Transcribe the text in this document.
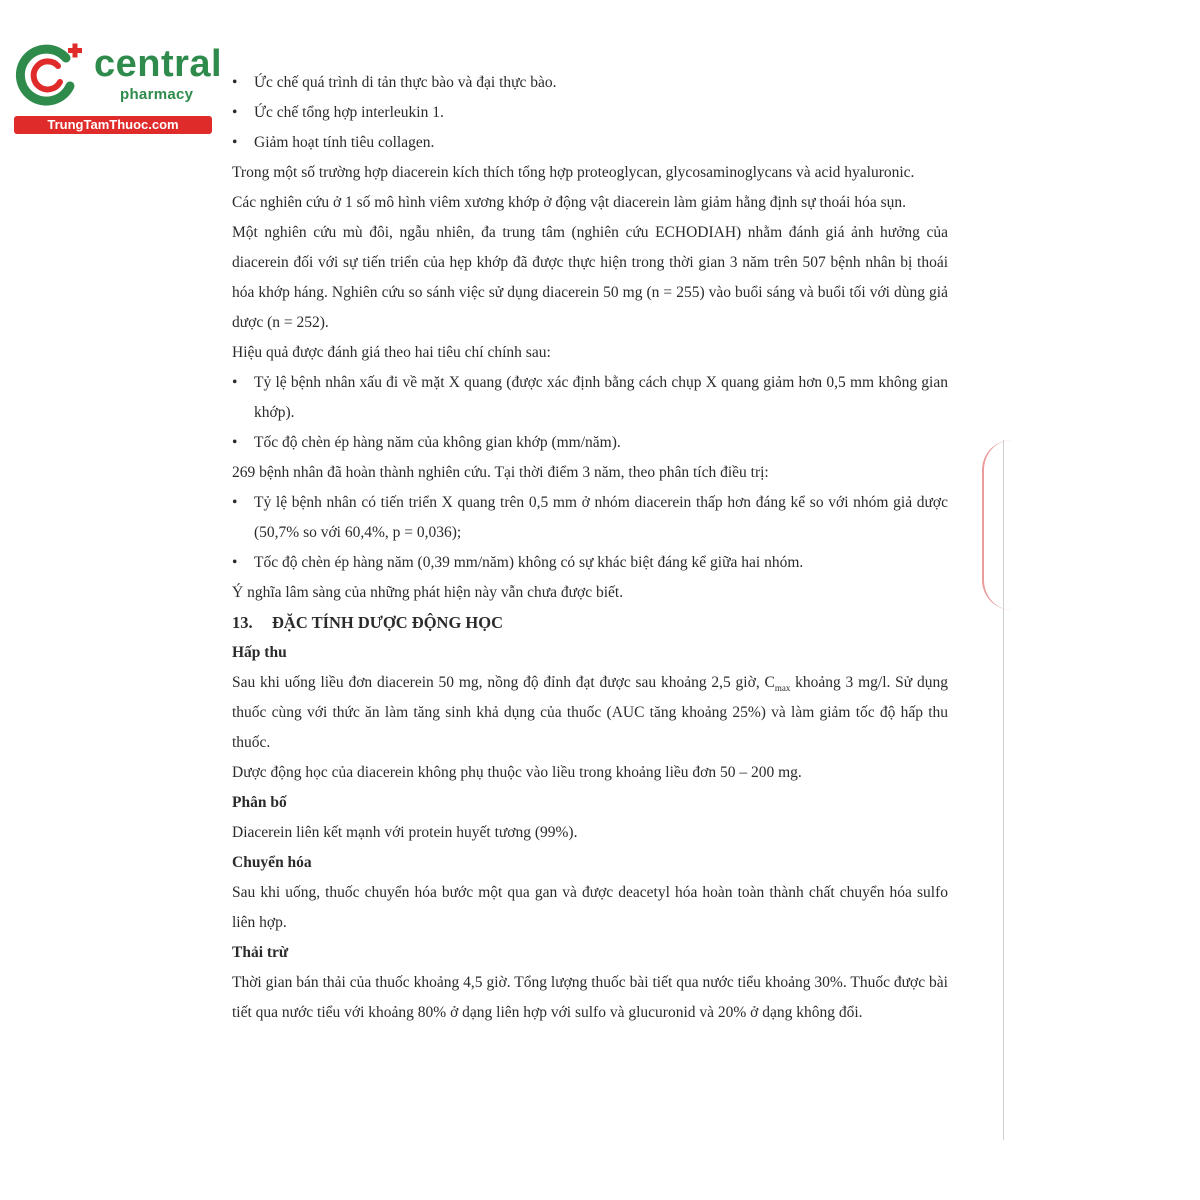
central
pharmacy
TrungTamThuoc.com

• Ức chế quá trình di tản thực bào và đại thực bào.

• Ức chế tổng hợp interleukin 1.

• Giảm hoạt tính tiêu collagen.

Trong một số trường hợp diacerein kích thích tổng hợp proteoglycan, glycosaminoglycans và acid hyaluronic.

Các nghiên cứu ở 1 số mô hình viêm xương khớp ở động vật diacerein làm giảm hằng định sự thoái hóa sụn.

Một nghiên cứu mù đôi, ngẫu nhiên, đa trung tâm (nghiên cứu ECHODIAH) nhằm đánh giá ảnh hưởng của diacerein đối với sự tiến triển của hẹp khớp đã được thực hiện trong thời gian 3 năm trên 507 bệnh nhân bị thoái hóa khớp háng. Nghiên cứu so sánh việc sử dụng diacerein 50 mg (n = 255) vào buổi sáng và buổi tối với dùng giả dược (n = 252).

Hiệu quả được đánh giá theo hai tiêu chí chính sau:

• Tỷ lệ bệnh nhân xấu đi về mặt X quang (được xác định bằng cách chụp X quang giảm hơn 0,5 mm không gian khớp).

• Tốc độ chèn ép hàng năm của không gian khớp (mm/năm).

269 bệnh nhân đã hoàn thành nghiên cứu. Tại thời điểm 3 năm, theo phân tích điều trị:

• Tỷ lệ bệnh nhân có tiến triển X quang trên 0,5 mm ở nhóm diacerein thấp hơn đáng kể so với nhóm giả dược (50,7% so với 60,4%, p = 0,036);

• Tốc độ chèn ép hàng năm (0,39 mm/năm) không có sự khác biệt đáng kể giữa hai nhóm.

Ý nghĩa lâm sàng của những phát hiện này vẫn chưa được biết.

13. ĐẶC TÍNH DƯỢC ĐỘNG HỌC

Hấp thu

Sau khi uống liều đơn diacerein 50 mg, nồng độ đỉnh đạt được sau khoảng 2,5 giờ, $C_{max}$ khoảng 3 mg/l. Sử dụng thuốc cùng với thức ăn làm tăng sinh khả dụng của thuốc (AUC tăng khoảng 25%) và làm giảm tốc độ hấp thu thuốc.

Dược động học của diacerein không phụ thuộc vào liều trong khoảng liều đơn 50 – 200 mg.

Phân bố

Diacerein liên kết mạnh với protein huyết tương (99%).

Chuyển hóa

Sau khi uống, thuốc chuyển hóa bước một qua gan và được deacetyl hóa hoàn toàn thành chất chuyển hóa sulfo liên hợp.

Thải trừ

Thời gian bán thải của thuốc khoảng 4,5 giờ. Tổng lượng thuốc bài tiết qua nước tiểu khoảng 30%. Thuốc được bài tiết qua nước tiểu với khoảng 80% ở dạng liên hợp với sulfo và glucuronid và 20% ở dạng không đổi.
